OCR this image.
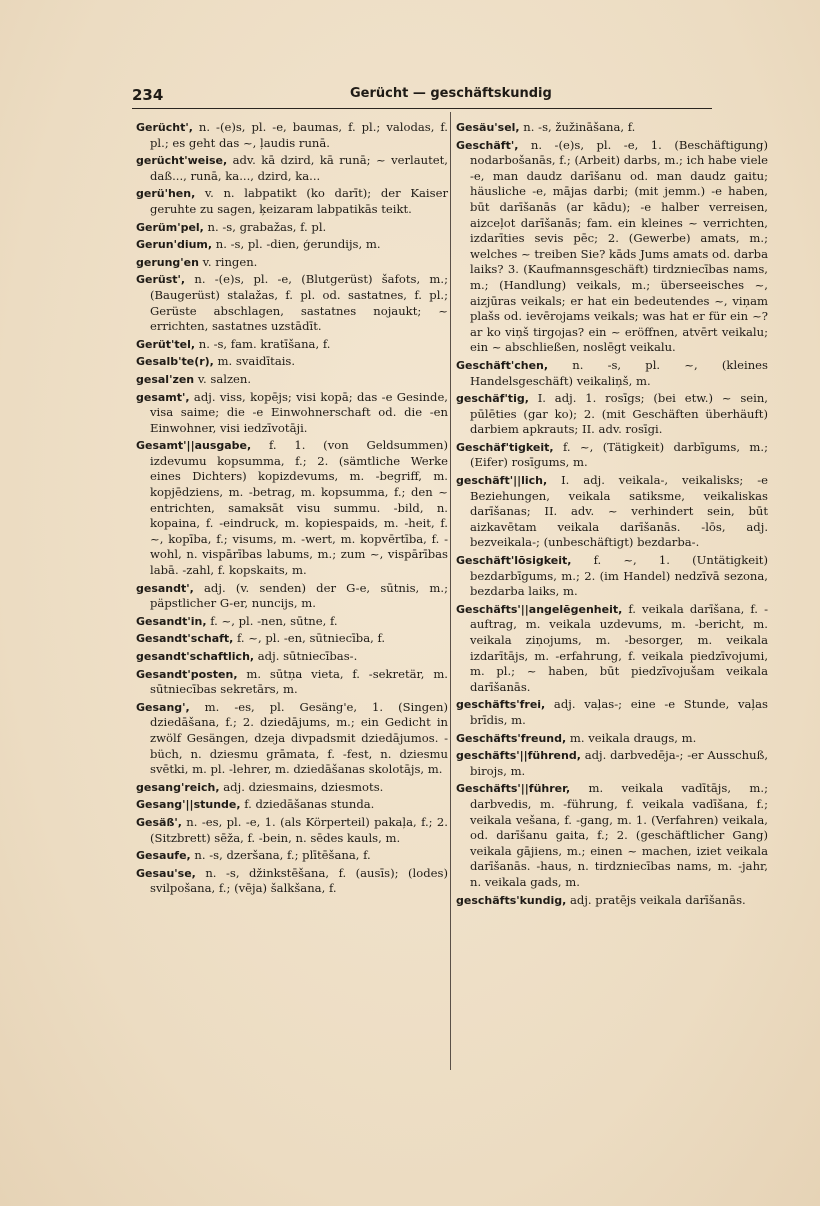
234	Gerücht — geschäftskundig

Gerücht', n. -(e)s, pl. -e, baumas, f. pl.; valodas, f. pl.; es geht das ~, ļaudis runā.

gerücht'weise, adv. kā dzird, kā runā; ~ verlautet, daß..., runā, ka..., dzird, ka...

gerü'hen, v. n. labpatikt (ko darīt); der Kaiser geruhte zu sagen, ķeizaram labpatikās teikt.

Gerüm'pel, n. -s, grabažas, f. pl.

Gerun'dium, n. -s, pl. -dien, ģerundijs, m.

gerung'en v. ringen.

Gerüst', n. -(e)s, pl. -e, (Blutgerüst) šafots, m.; (Baugerüst) stalažas, f. pl. od. sastatnes, f. pl.; Gerüste abschlagen, sastatnes nojaukt; ~ errichten, sastatnes uzstādīt.

Gerüt'tel, n. -s, fam. kratīšana, f.

Gesalb'te(r), m. svaidītais.

gesal'zen v. salzen.

gesamt', adj. viss, kopējs; visi kopā; das -e Gesinde, visa saime; die -e Einwohnerschaft od. die -en Einwohner, visi iedzīvotāji.

Gesamt'||ausgabe, f. 1. (von Geldsummen) izdevumu kopsumma, f.; 2. (sämtliche Werke eines Dichters) kopizdevums, m. -begriff, m. kopjēdziens, m. -betrag, m. kopsumma, f.; den ~ entrichten, samaksāt visu summu. -bild, n. kopaina, f. -eindruck, m. kopiespaids, m. -heit, f. ~, kopība, f.; visums, m. -wert, m. kopvērtība, f. -wohl, n. vispārības labums, m.; zum ~, vispārības labā. -zahl, f. kopskaits, m.

gesandt', adj. (v. senden) der G-e, sūtnis, m.; päpstlicher G-er, nuncijs, m.

Gesandt'in, f. ~, pl. -nen, sūtne, f.

Gesandt'schaft, f. ~, pl. -en, sūtniecība, f.

gesandt'schaftlich, adj. sūtniecības-.

Gesandt'posten, m. sūtņa vieta, f. -sekretär, m. sūtniecības sekretārs, m.

Gesang', m. -es, pl. Gesäng'e, 1. (Singen) dziedāšana, f.; 2. dziedājums, m.; ein Gedicht in zwölf Gesängen, dzeja divpadsmit dziedājumos. -büch, n. dziesmu grāmata, f. -fest, n. dziesmu svētki, m. pl. -lehrer, m. dziedāšanas skolotājs, m.

gesang'reich, adj. dziesmains, dziesmots.

Gesang'||stunde, f. dziedāšanas stunda.

Gesäß', n. -es, pl. -e, 1. (als Körperteil) pakaļa, f.; 2. (Sitzbrett) sēža, f. -bein, n. sēdes kauls, m.

Gesaufe, n. -s, dzeršana, f.; plītēšana, f.

Gesau'se, n. -s, džinkstēšana, f. (ausīs); (lodes) svilpošana, f.; (vēja) šalkšana, f.

Gesäu'sel, n. -s, žužināšana, f.

Geschäft', n. -(e)s, pl. -e, 1. (Beschäftigung) nodarbošanās, f.; (Arbeit) darbs, m.; ich habe viele -e, man daudz darīšanu od. man daudz gaitu; häusliche -e, mājas darbi; (mit jemm.) -e haben, būt darīšanās (ar kādu); -e halber verreisen, aizceļot darīšanās; fam. ein kleines ~ verrichten, izdarīties sevis pēc; 2. (Gewerbe) amats, m.; welches ~ treiben Sie? kāds Jums amats od. darba laiks? 3. (Kaufmannsgeschäft) tirdzniecības nams, m.; (Handlung) veikals, m.; überseeisches ~, aizjūras veikals; er hat ein bedeutendes ~, viņam plašs od. ievērojams veikals; was hat er für ein ~? ar ko viņš tirgojas? ein ~ eröffnen, atvērt veikalu; ein ~ abschließen, noslēgt veikalu.

Geschäft'chen, n. -s, pl. ~, (kleines Handelsgeschäft) veikaliņš, m.

geschäf'tig, I. adj. 1. rosīgs; (bei etw.) ~ sein, pūlēties (gar ko); 2. (mit Geschäften überhäuft) darbiem apkrauts; II. adv. rosīgi.

Geschäf'tigkeit, f. ~, (Tätigkeit) darbīgums, m.; (Eifer) rosīgums, m.

geschäft'||lich, I. adj. veikala-, veikalisks; -e Beziehungen, veikala satiksme, veikaliskas darīšanas; II. adv. ~ verhindert sein, būt aizkavētam veikala darīšanās. -lōs, adj. bezveikala-; (unbeschäftigt) bezdarba-.

Geschäft'lōsigkeit, f. ~, 1. (Untätigkeit) bezdarbīgums, m.; 2. (im Handel) nedzīvā sezona, bezdarba laiks, m.

Geschäfts'||angelēgenheit, f. veikala darīšana, f. -auftrag, m. veikala uzdevums, m. -bericht, m. veikala ziņojums, m. -besorger, m. veikala izdarītājs, m. -erfahrung, f. veikala piedzīvojumi, m. pl.; ~ haben, būt piedzīvojušam veikala darīšanās.

geschäfts'frei, adj. vaļas-; eine -e Stunde, vaļas brīdis, m.

Geschäfts'freund, m. veikala draugs, m.

geschäfts'||führend, adj. darbvedēja-; -er Ausschuß, birojs, m.

Geschäfts'||führer, m. veikala vadītājs, m.; darbvedis, m. -führung, f. veikala vadīšana, f.; veikala vešana, f. -gang, m. 1. (Verfahren) veikala, od. darīšanu gaita, f.; 2. (geschäftlicher Gang) veikala gājiens, m.; einen ~ machen, iziet veikala darīšanās. -haus, n. tirdzniecības nams, m. -jahr, n. veikala gads, m.

geschäfts'kundig, adj. pratējs veikala darīšanās.
